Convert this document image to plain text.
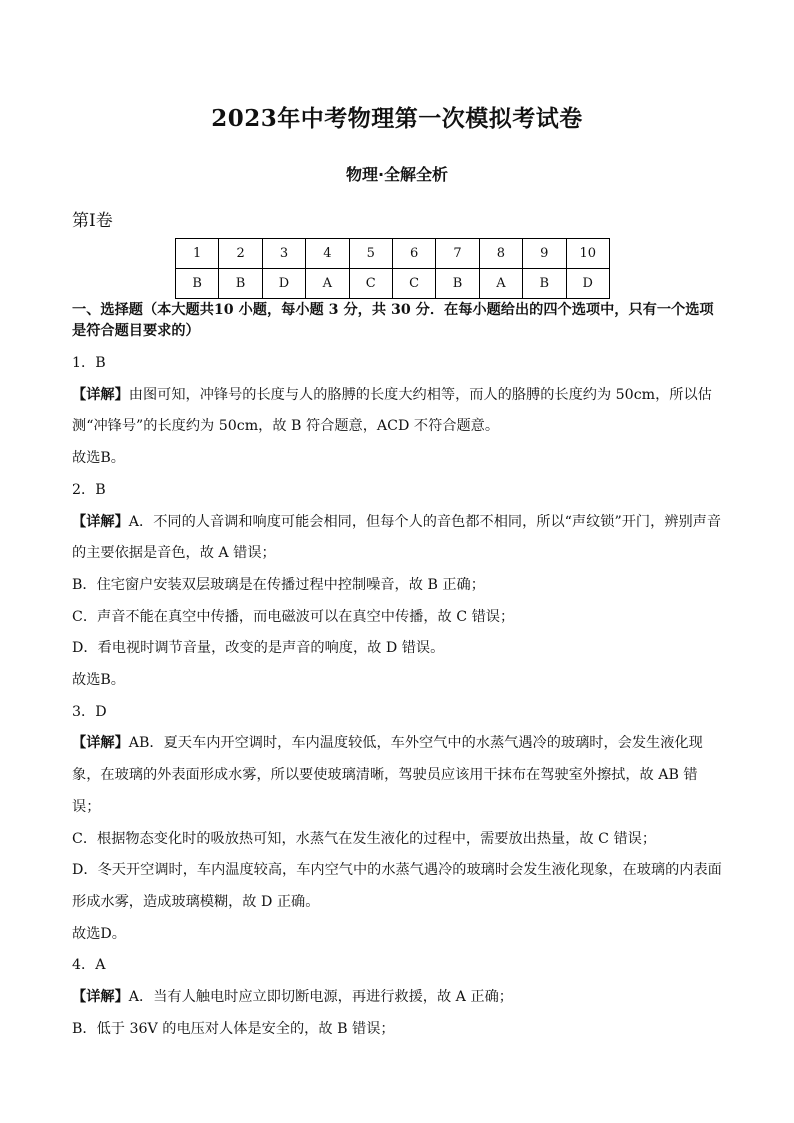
2023年中考物理第一次模拟考试卷
物理·全解全析
第Ⅰ卷
1	2	3	4	5	6	7	8	9	10
B	B	D	A	C	C	B	A	B	D

一、选择题（本大题共10 小题，每小题 3 分，共 30 分．在每小题给出的四个选项中，只有一个选项是符合题目要求的）

1．B

【详解】由图可知，冲锋号的长度与人的胳膊的长度大约相等，而人的胳膊的长度约为 50cm，所以估测“冲锋号”的长度约为 50cm，故 B 符合题意，ACD 不符合题意。

故选B。

2．B

【详解】A．不同的人音调和响度可能会相同，但每个人的音色都不相同，所以“声纹锁”开门，辨别声音的主要依据是音色，故 A 错误；

B．住宅窗户安装双层玻璃是在传播过程中控制噪音，故 B 正确；

C．声音不能在真空中传播，而电磁波可以在真空中传播，故 C 错误；

D．看电视时调节音量，改变的是声音的响度，故 D 错误。

故选B。

3．D

【详解】AB．夏天车内开空调时，车内温度较低，车外空气中的水蒸气遇冷的玻璃时，会发生液化现象，在玻璃的外表面形成水雾，所以要使玻璃清晰，驾驶员应该用干抹布在驾驶室外擦拭，故 AB 错误；

C．根据物态变化时的吸放热可知，水蒸气在发生液化的过程中，需要放出热量，故 C 错误；

D．冬天开空调时，车内温度较高，车内空气中的水蒸气遇冷的玻璃时会发生液化现象，在玻璃的内表面形成水雾，造成玻璃模糊，故 D 正确。

故选D。

4．A

【详解】A．当有人触电时应立即切断电源，再进行救援，故 A 正确；

B．低于 36V 的电压对人体是安全的，故 B 错误；
